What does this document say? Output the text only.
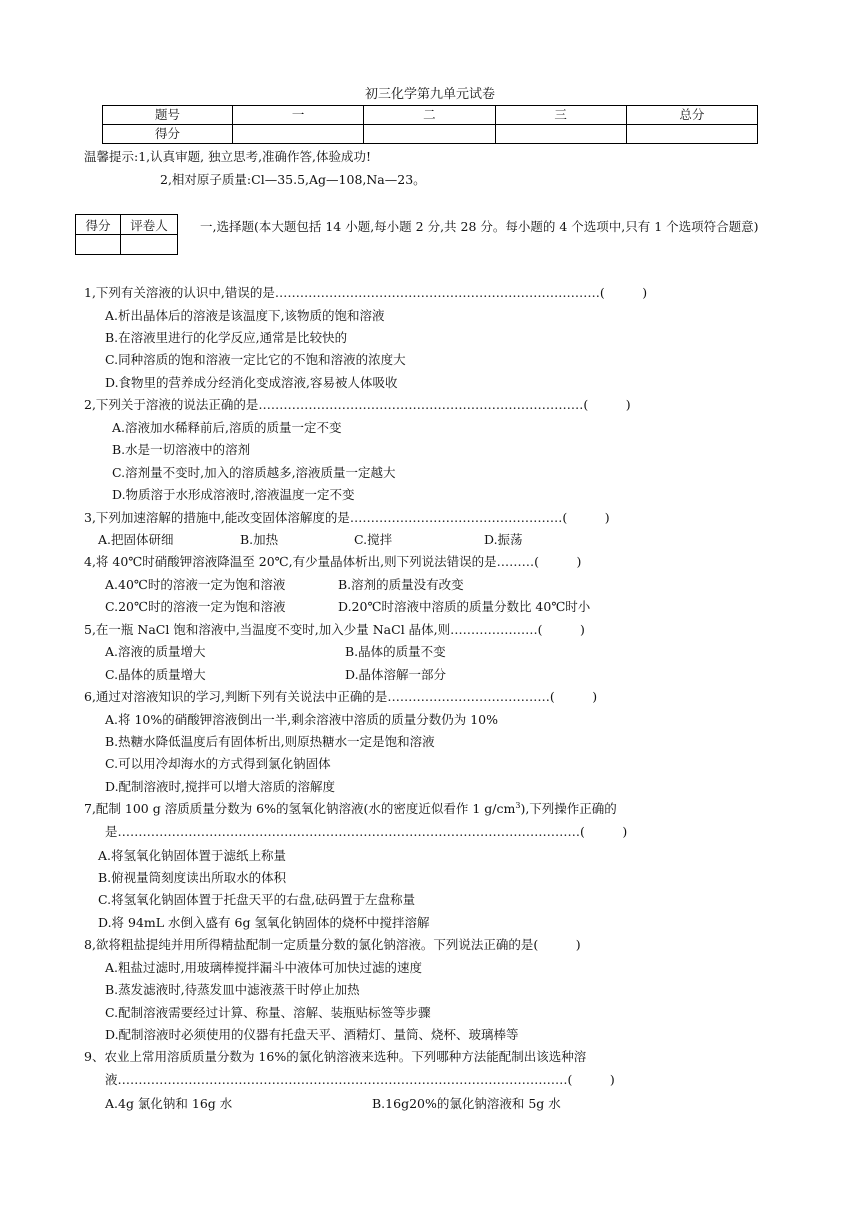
初三化学第九单元试卷
题号	一	二	三	总分
得分				
温馨提示:1,认真审题, 独立思考,准确作答,体验成功!
2,相对原子质量:Cl—35.5,Ag—108,Na—23。
得分	评卷人
		一,选择题(本大题包括 14 小题,每小题 2 分,共 28 分。每小题的 4 个选项中,只有 1 个选项符合题意)
1,下列有关溶液的认识中,错误的是……………………………………………………………………(　　　)
A.析出晶体后的溶液是该温度下,该物质的饱和溶液
B.在溶液里进行的化学反应,通常是比较快的
C.同种溶质的饱和溶液一定比它的不饱和溶液的浓度大
D.食物里的营养成分经消化变成溶液,容易被人体吸收
2,下列关于溶液的说法正确的是……………………………………………………………………(　　　)
A.溶液加水稀释前后,溶质的质量一定不变
B.水是一切溶液中的溶剂
C.溶剂量不变时,加入的溶质越多,溶液质量一定越大
D.物质溶于水形成溶液时,溶液温度一定不变
3,下列加速溶解的措施中,能改变固体溶解度的是……………………………………………(　　　)
A.把固体研细	B.加热	C.搅拌	D.振荡
4,将 40℃时硝酸钾溶液降温至 20℃,有少量晶体析出,则下列说法错误的是………(　　　)
A.40℃时的溶液一定为饱和溶液	B.溶剂的质量没有改变
C.20℃时的溶液一定为饱和溶液	D.20℃时溶液中溶质的质量分数比 40℃时小
5,在一瓶 NaCl 饱和溶液中,当温度不变时,加入少量 NaCl 晶体,则…………………(　　　)
A.溶液的质量增大	B.晶体的质量不变
C.晶体的质量增大	D.晶体溶解一部分
6,通过对溶液知识的学习,判断下列有关说法中正确的是…………………………………(　　　)
A.将 10%的硝酸钾溶液倒出一半,剩余溶液中溶质的质量分数仍为 10%
B.热糖水降低温度后有固体析出,则原热糖水一定是饱和溶液
C.可以用冷却海水的方式得到氯化钠固体
D.配制溶液时,搅拌可以增大溶质的溶解度
7,配制 100 g 溶质质量分数为 6%的氢氧化钠溶液(水的密度近似看作 1 $g/cm^3$),下列操作正确的
是…………………………………………………………………………………………………(　　　)
A.将氢氧化钠固体置于滤纸上称量
B.俯视量筒刻度读出所取水的体积
C.将氢氧化钠固体置于托盘天平的右盘,砝码置于左盘称量
D.将 94mL 水倒入盛有 6g 氢氧化钠固体的烧杯中搅拌溶解
8,欲将粗盐提纯并用所得精盐配制一定质量分数的氯化钠溶液。下列说法正确的是(　　　)
A.粗盐过滤时,用玻璃棒搅拌漏斗中液体可加快过滤的速度
B.蒸发滤液时,待蒸发皿中滤液蒸干时停止加热
C.配制溶液需要经过计算、称量、溶解、装瓶贴标签等步骤
D.配制溶液时必须使用的仪器有托盘天平、酒精灯、量筒、烧杯、玻璃棒等
9、农业上常用溶质质量分数为 16%的氯化钠溶液来选种。下列哪种方法能配制出该选种溶
液………………………………………………………………………………………………(　　　)
A.4g 氯化钠和 16g 水	B.16g20%的氯化钠溶液和 5g 水
